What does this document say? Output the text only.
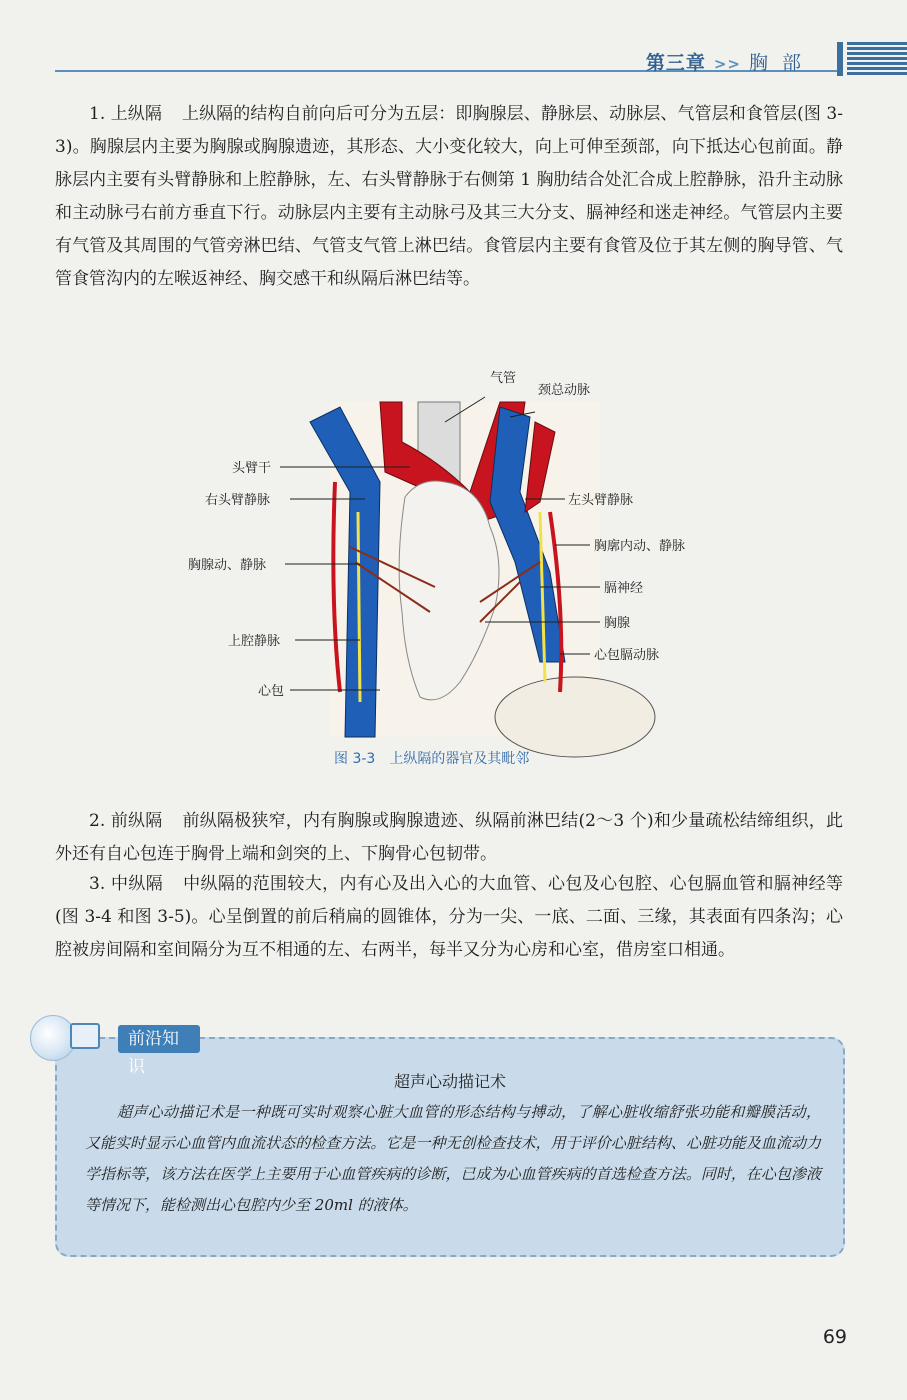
第三章 >> 胸部

1. 上纵隔 上纵隔的结构自前向后可分为五层：即胸腺层、静脉层、动脉层、气管层和食管层(图 3-3)。胸腺层内主要为胸腺或胸腺遗迹，其形态、大小变化较大，向上可伸至颈部，向下抵达心包前面。静脉层内主要有头臂静脉和上腔静脉，左、右头臂静脉于右侧第 1 胸肋结合处汇合成上腔静脉，沿升主动脉和主动脉弓右前方垂直下行。动脉层内主要有主动脉弓及其三大分支、膈神经和迷走神经。气管层内主要有气管及其周围的气管旁淋巴结、气管支气管上淋巴结。食管层内主要有食管及位于其左侧的胸导管、气管食管沟内的左喉返神经、胸交感干和纵隔后淋巴结等。

气管
颈总动脉
头臂干
右头臂静脉	左头臂静脉
胸腺动、静脉
胸廓内动、静脉
膈神经
胸腺
上腔静脉
心包膈动脉
心包
图 3-3 上纵隔的器官及其毗邻

2. 前纵隔 前纵隔极狭窄，内有胸腺或胸腺遗迹、纵隔前淋巴结(2～3 个)和少量疏松结缔组织，此外还有自心包连于胸骨上端和剑突的上、下胸骨心包韧带。

3. 中纵隔 中纵隔的范围较大，内有心及出入心的大血管、心包及心包腔、心包膈血管和膈神经等(图 3-4 和图 3-5)。心呈倒置的前后稍扁的圆锥体，分为一尖、一底、二面、三缘，其表面有四条沟；心腔被房间隔和室间隔分为互不相通的左、右两半，每半又分为心房和心室，借房室口相通。

超声心动描记术

超声心动描记术是一种既可实时观察心脏大血管的形态结构与搏动，了解心脏收缩舒张功能和瓣膜活动，又能实时显示心血管内血流状态的检查方法。它是一种无创检查技术，用于评价心脏结构、心脏功能及血流动力学指标等，该方法在医学上主要用于心血管疾病的诊断，已成为心血管疾病的首选检查方法。同时，在心包渗液等情况下，能检测出心包腔内少至 20ml 的液体。

前沿知识
69
